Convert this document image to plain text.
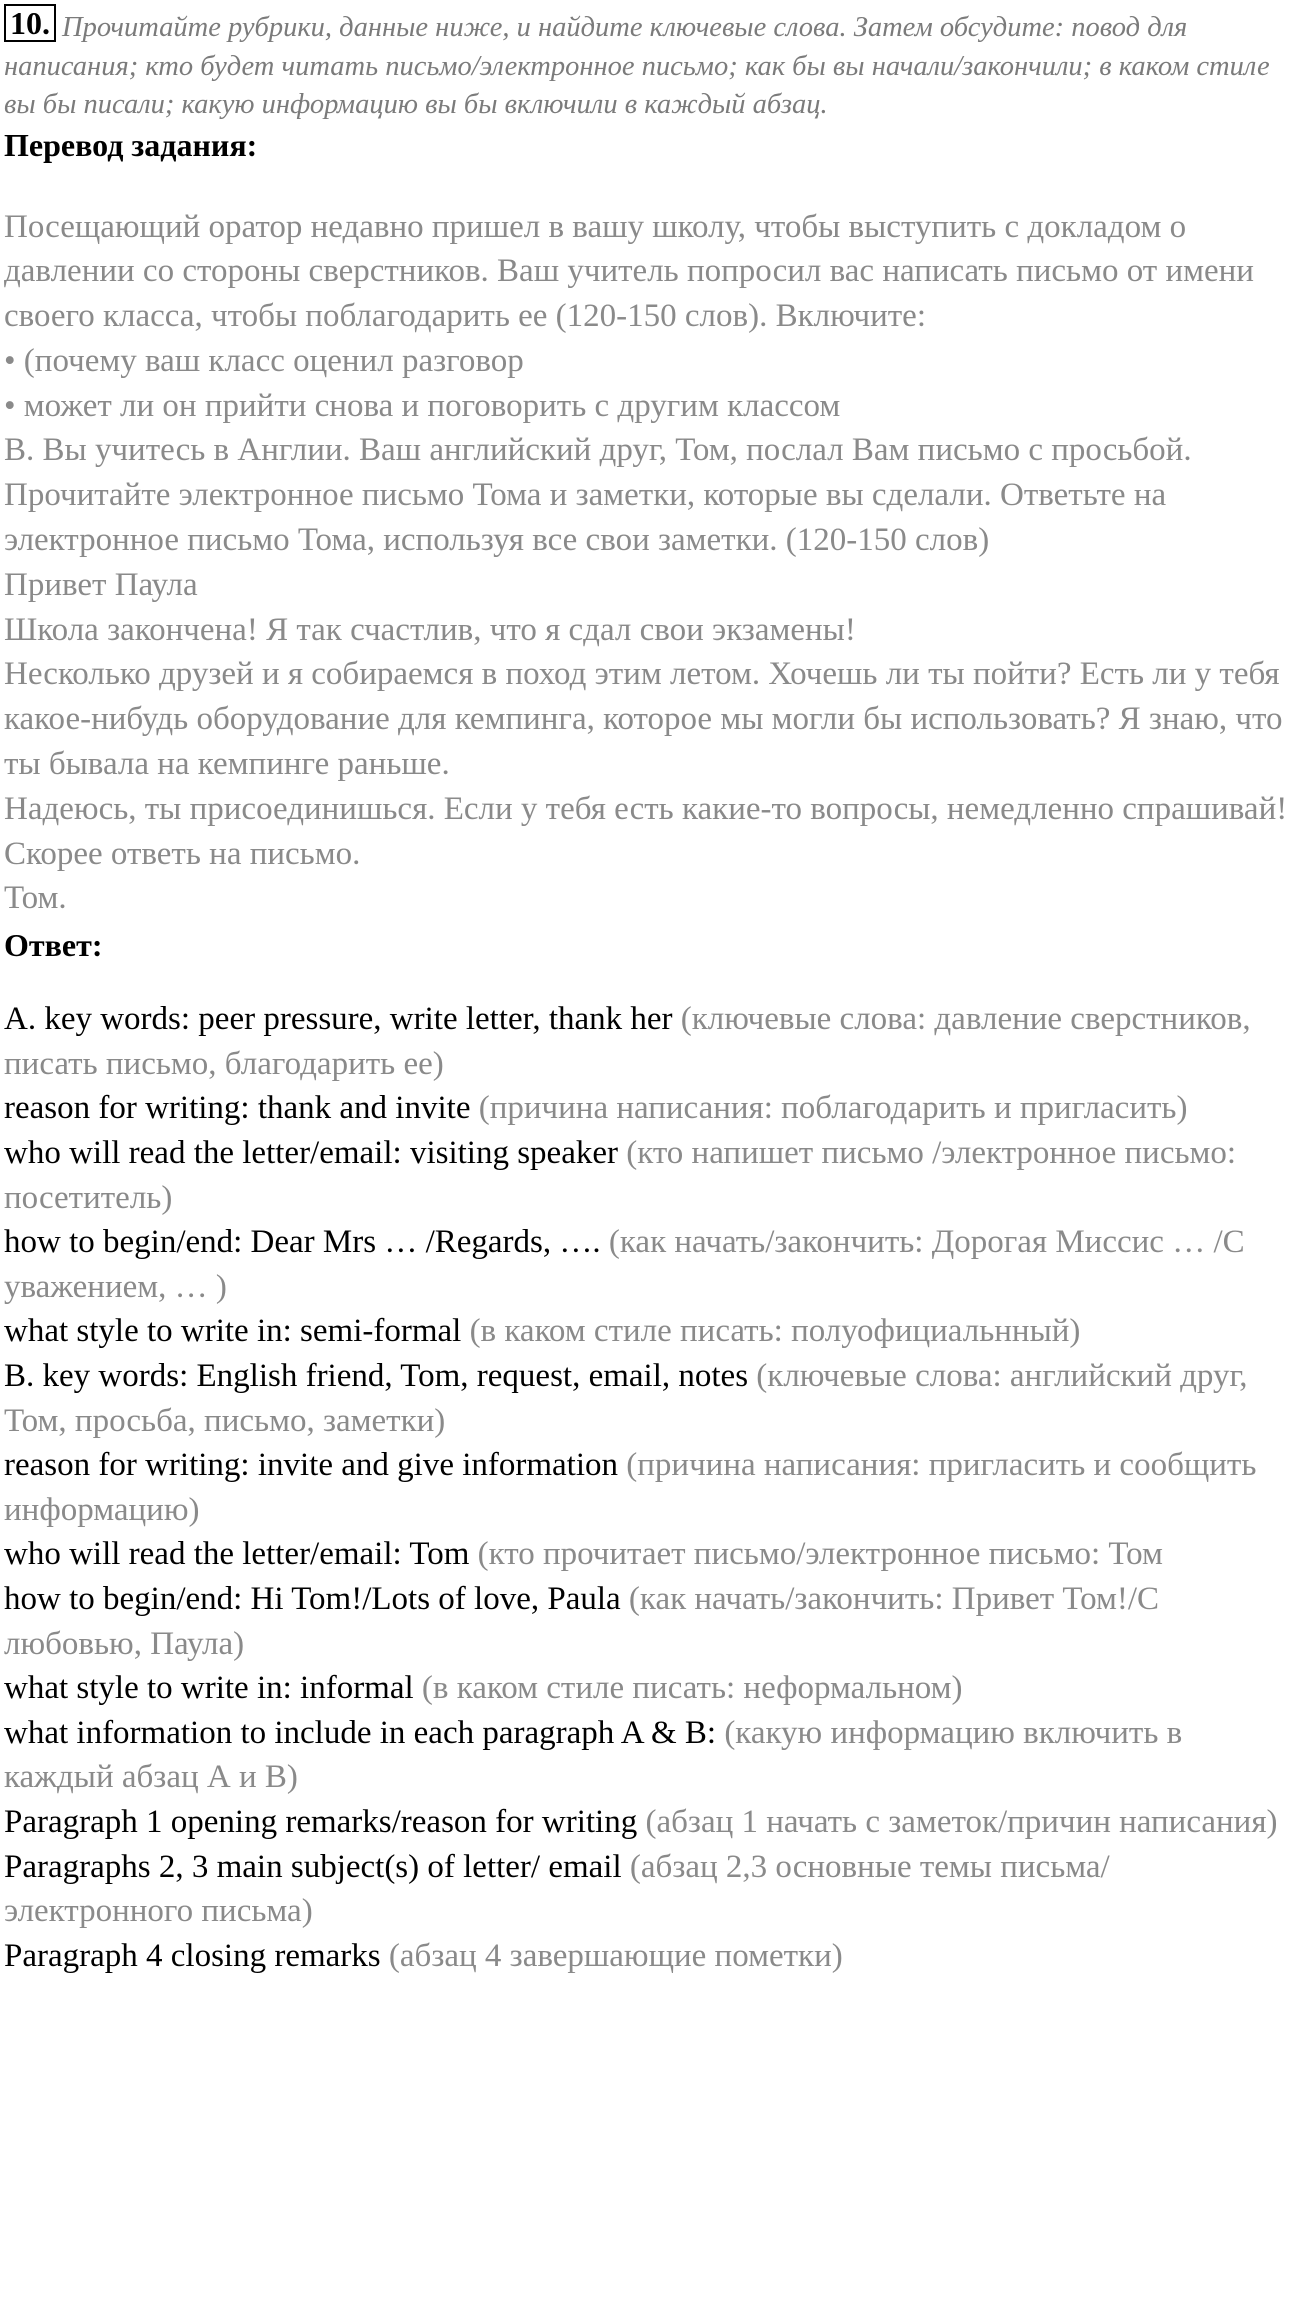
10. Прочитайте рубрики, данные ниже, и найдите ключевые слова. Затем обсудите: повод для написания; кто будет читать письмо/электронное письмо; как бы вы начали/закончили; в каком стиле вы бы писали; какую информацию вы бы включили в каждый абзац.

Перевод задания:

Посещающий оратор недавно пришел в вашу школу, чтобы выступить с докладом о давлении со стороны сверстников. Ваш учитель попросил вас написать письмо от имени своего класса, чтобы поблагодарить ее (120-150 слов). Включите:

• (почему ваш класс оценил разговор

• может ли он прийти снова и поговорить с другим классом

B. Вы учитесь в Англии. Ваш английский друг, Том, послал Вам письмо с просьбой. Прочитайте электронное письмо Тома и заметки, которые вы сделали. Ответьте на электронное письмо Тома, используя все свои заметки. (120-150 слов)

Привет Паула

Школа закончена! Я так счастлив, что я сдал свои экзамены!

Несколько друзей и я собираемся в поход этим летом. Хочешь ли ты пойти? Есть ли у тебя какое-нибудь оборудование для кемпинга, которое мы могли бы использовать? Я знаю, что ты бывала на кемпинге раньше.

Надеюсь, ты присоединишься. Если у тебя есть какие-то вопросы, немедленно спрашивай!

Скорее ответь на письмо.

Том.

Ответ:

A. key words: peer pressure, write letter, thank her (ключевые слова: давление сверстников, писать письмо, благодарить ее)

reason for writing: thank and invite (причина написания: поблагодарить и пригласить)

who will read the letter/email: visiting speaker (кто напишет письмо /электронное письмо: посетитель)

how to begin/end: Dear Mrs … /Regards, …. (как начать/закончить: Дорогая Миссис … /С уважением, … )

what style to write in: semi-formal (в каком стиле писать: полуофициальнный)

B. key words: English friend, Tom, request, email, notes (ключевые слова: английский друг, Том, просьба, письмо, заметки)

reason for writing: invite and give information (причина написания: пригласить и сообщить информацию)

who will read the letter/email: Tom (кто прочитает письмо/электронное письмо: Том

how to begin/end: Hi Tom!/Lots of love, Paula (как начать/закончить: Привет Том!/С любовью, Паула)

what style to write in: informal (в каком стиле писать: неформальном)

what information to include in each paragraph A & B: (какую информацию включить в каждый абзац А и В)

Paragraph 1 opening remarks/reason for writing (абзац 1 начать с заметок/причин написания)

Paragraphs 2, 3 main subject(s) of letter/ email (абзац 2,3 основные темы письма/электронного письма)

Paragraph 4 closing remarks (абзац 4 завершающие пометки)
